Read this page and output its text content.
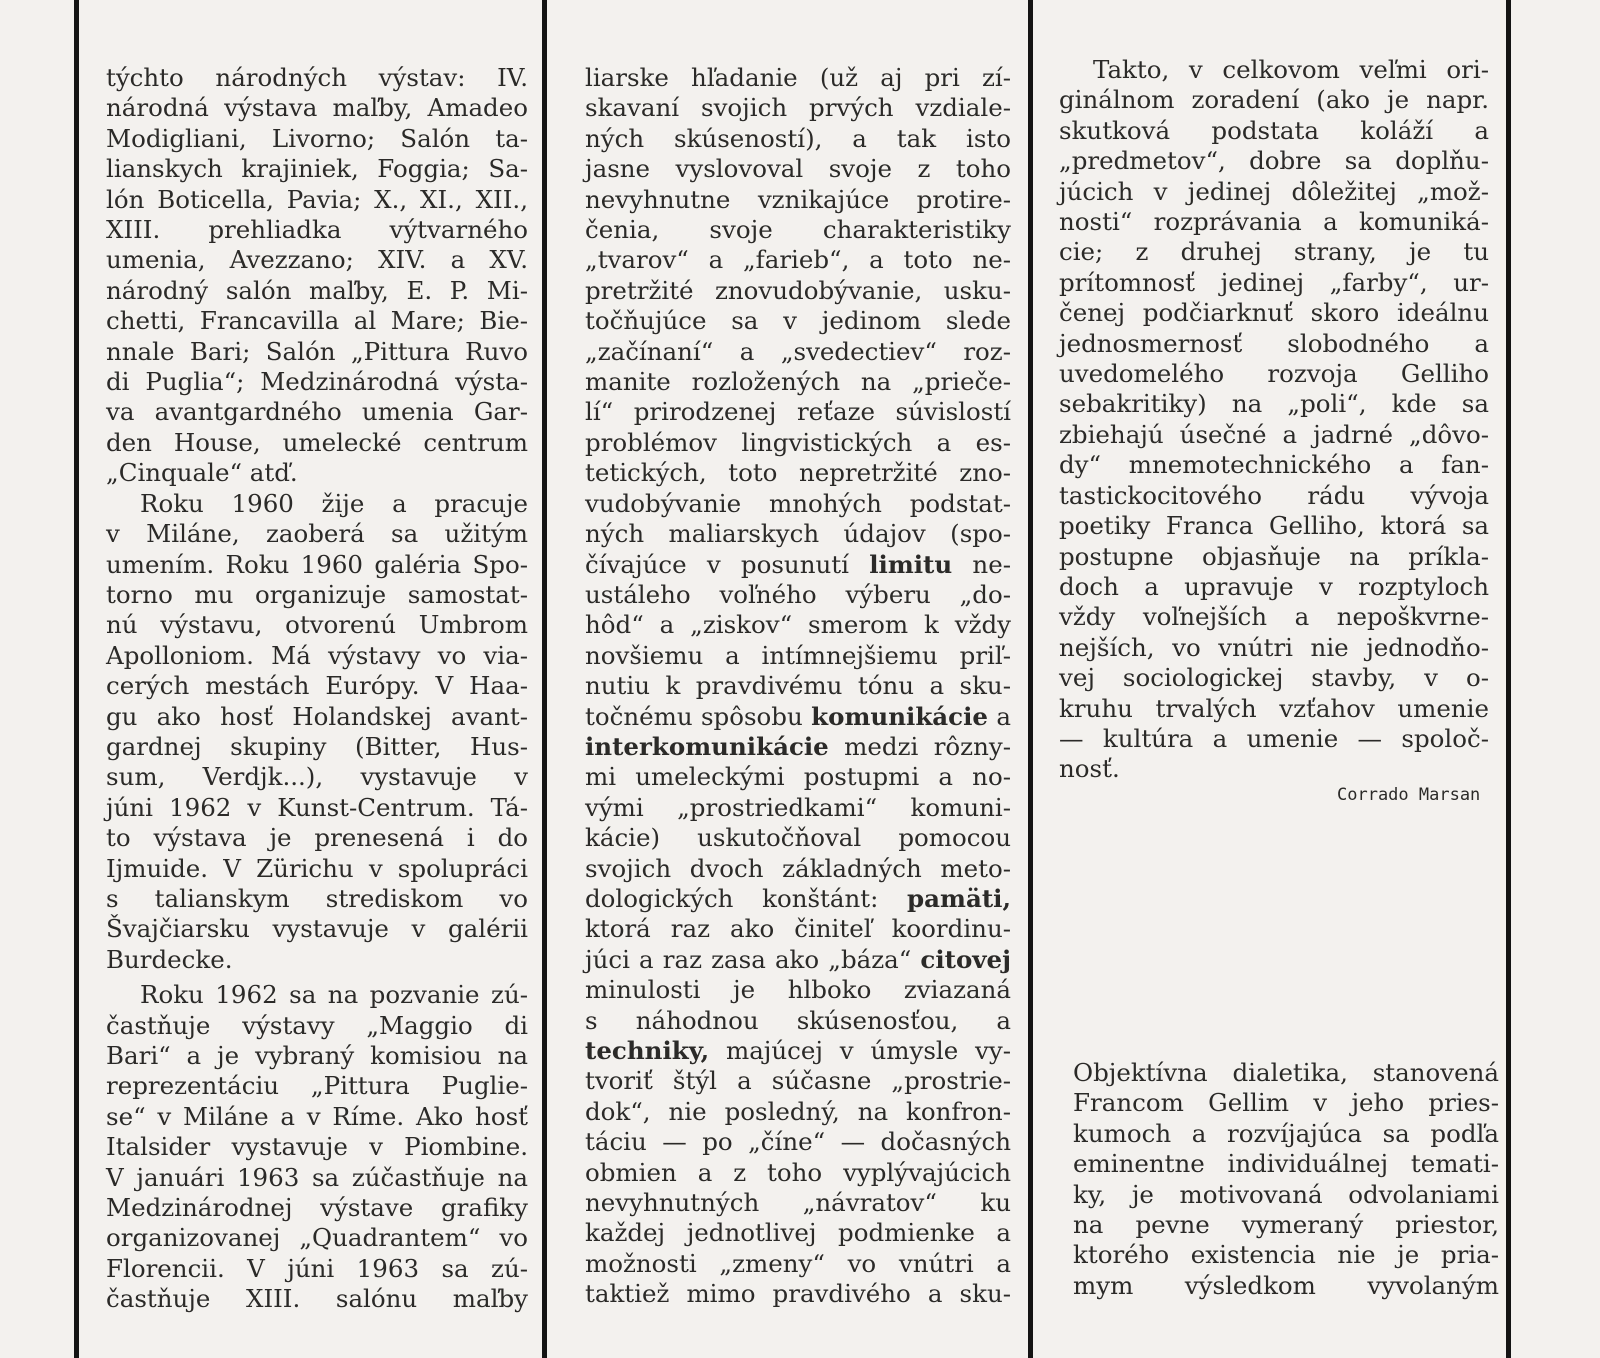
týchto národných výstav: IV.
národná výstava maľby, Amadeo
Modigliani, Livorno; Salón ta-
lianskych krajiniek, Foggia; Sa-
lón Boticella, Pavia; X., XI., XII.,
XIII. prehliadka výtvarného
umenia, Avezzano; XIV. a XV.
národný salón maľby, E. P. Mi-
chetti, Francavilla al Mare; Bie-
nnale Bari; Salón „Pittura Ruvo
di Puglia“; Medzinárodná výsta-
va avantgardného umenia Gar-
den House, umelecké centrum
„Cinquale“ atď.
Roku 1960 žije a pracuje
v Miláne, zaoberá sa užitým
umením. Roku 1960 galéria Spo-
torno mu organizuje samostat-
nú výstavu, otvorenú Umbrom
Apolloniom. Má výstavy vo via-
cerých mestách Európy. V Haa-
gu ako hosť Holandskej avant-
gardnej skupiny (Bitter, Hus-
sum, Verdjk...), vystavuje v
júni 1962 v Kunst-Centrum. Tá-
to výstava je prenesená i do
Ijmuide. V Zürichu v spolupráci
s talianskym strediskom vo
Švajčiarsku vystavuje v galérii
Burdecke.
Roku 1962 sa na pozvanie zú-
častňuje výstavy „Maggio di
Bari“ a je vybraný komisiou na
reprezentáciu „Pittura Puglie-
se“ v Miláne a v Ríme. Ako hosť
Italsider vystavuje v Piombine.
V januári 1963 sa zúčastňuje na
Medzinárodnej výstave grafiky
organizovanej „Quadrantem“ vo
Florencii. V júni 1963 sa zú-
častňuje XIII. salónu maľby
liarske hľadanie (už aj pri zí-
skavaní svojich prvých vzdiale-
ných skúseností), a tak isto
jasne vyslovoval svoje z toho
nevyhnutne vznikajúce protire-
čenia, svoje charakteristiky
„tvarov“ a „farieb“, a toto ne-
pretržité znovudobývanie, usku-
točňujúce sa v jedinom slede
„začínaní“ a „svedectiev“ roz-
manite rozložených na „prieče-
lí“ prirodzenej reťaze súvislostí
problémov lingvistických a es-
tetických, toto nepretržité zno-
vudobývanie mnohých podstat-
ných maliarskych údajov (spo-
čívajúce v posunutí limitu ne-
ustáleho voľného výberu „do-
hôd“ a „ziskov“ smerom k vždy
novšiemu a intímnejšiemu priľ-
nutiu k pravdivému tónu a sku-
točnému spôsobu komunikácie a
interkomunikácie medzi rôzny-
mi umeleckými postupmi a no-
vými „prostriedkami“ komuni-
kácie) uskutočňoval pomocou
svojich dvoch základných meto-
dologických konštánt: pamäti,
ktorá raz ako činiteľ koordinu-
júci a raz zasa ako „báza“ citovej
minulosti je hlboko zviazaná
s náhodnou skúsenosťou, a
techniky, majúcej v úmysle vy-
tvoriť štýl a súčasne „prostrie-
dok“, nie posledný, na konfron-
táciu — po „číne“ — dočasných
obmien a z toho vyplývajúcich
nevyhnutných „návratov“ ku
každej jednotlivej podmienke a
možnosti „zmeny“ vo vnútri a
taktiež mimo pravdivého a sku-
Takto, v celkovom veľmi ori-
ginálnom zoradení (ako je napr.
skutková podstata koláží a
„predmetov“, dobre sa doplňu-
júcich v jedinej dôležitej „mož-
nosti“ rozprávania a komuniká-
cie; z druhej strany, je tu
prítomnosť jedinej „farby“, ur-
čenej podčiarknuť skoro ideálnu
jednosmernosť slobodného a
uvedomelého rozvoja Gelliho
sebakritiky) na „poli“, kde sa
zbiehajú úsečné a jadrné „dôvo-
dy“ mnemotechnického a fan-
tastickocitového rádu vývoja
poetiky Franca Gelliho, ktorá sa
postupne objasňuje na príkla-
doch a upravuje v rozptyloch
vždy voľnejších a nepoškvrne-
nejších, vo vnútri nie jednodňo-
vej sociologickej stavby, v o-
kruhu trvalých vzťahov umenie
— kultúra a umenie — spoloč-
nosť.
Corrado Marsan
Objektívna dialetika, stanovená
Francom Gellim v jeho pries-
kumoch a rozvíjajúca sa podľa
eminentne individuálnej temati-
ky, je motivovaná odvolaniami
na pevne vymeraný priestor,
ktorého existencia nie je pria-
mym výsledkom vyvolaným
